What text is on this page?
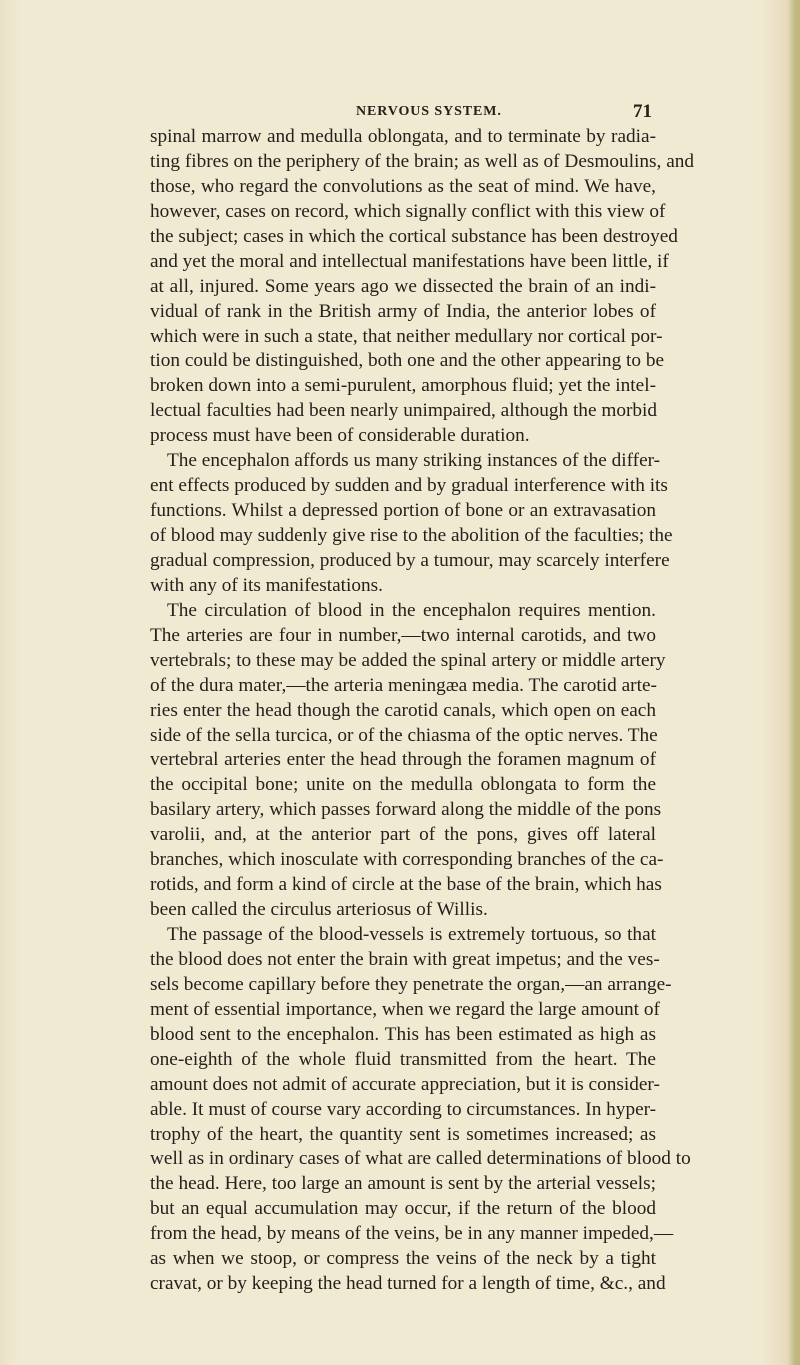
NERVOUS SYSTEM.	71
spinal marrow and medulla oblongata, and to terminate by radia-
ting fibres on the periphery of the brain; as well as of Desmoulins, and
those, who regard the convolutions as the seat of mind. We have,
however, cases on record, which signally conflict with this view of
the subject; cases in which the cortical substance has been destroyed
and yet the moral and intellectual manifestations have been little, if
at all, injured. Some years ago we dissected the brain of an indi-
vidual of rank in the British army of India, the anterior lobes of
which were in such a state, that neither medullary nor cortical por-
tion could be distinguished, both one and the other appearing to be
broken down into a semi-purulent, amorphous fluid; yet the intel-
lectual faculties had been nearly unimpaired, although the morbid
process must have been of considerable duration.
The encephalon affords us many striking instances of the differ-
ent effects produced by sudden and by gradual interference with its
functions. Whilst a depressed portion of bone or an extravasation
of blood may suddenly give rise to the abolition of the faculties; the
gradual compression, produced by a tumour, may scarcely interfere
with any of its manifestations.
The circulation of blood in the encephalon requires mention.
The arteries are four in number,—two internal carotids, and two
vertebrals; to these may be added the spinal artery or middle artery
of the dura mater,—the arteria meningæa media. The carotid arte-
ries enter the head though the carotid canals, which open on each
side of the sella turcica, or of the chiasma of the optic nerves. The
vertebral arteries enter the head through the foramen magnum of
the occipital bone; unite on the medulla oblongata to form the
basilary artery, which passes forward along the middle of the pons
varolii, and, at the anterior part of the pons, gives off lateral
branches, which inosculate with corresponding branches of the ca-
rotids, and form a kind of circle at the base of the brain, which has
been called the circulus arteriosus of Willis.
The passage of the blood-vessels is extremely tortuous, so that
the blood does not enter the brain with great impetus; and the ves-
sels become capillary before they penetrate the organ,—an arrange-
ment of essential importance, when we regard the large amount of
blood sent to the encephalon. This has been estimated as high as
one-eighth of the whole fluid transmitted from the heart. The
amount does not admit of accurate appreciation, but it is consider-
able. It must of course vary according to circumstances. In hyper-
trophy of the heart, the quantity sent is sometimes increased; as
well as in ordinary cases of what are called determinations of blood to
the head. Here, too large an amount is sent by the arterial vessels;
but an equal accumulation may occur, if the return of the blood
from the head, by means of the veins, be in any manner impeded,—
as when we stoop, or compress the veins of the neck by a tight
cravat, or by keeping the head turned for a length of time, &c., and
